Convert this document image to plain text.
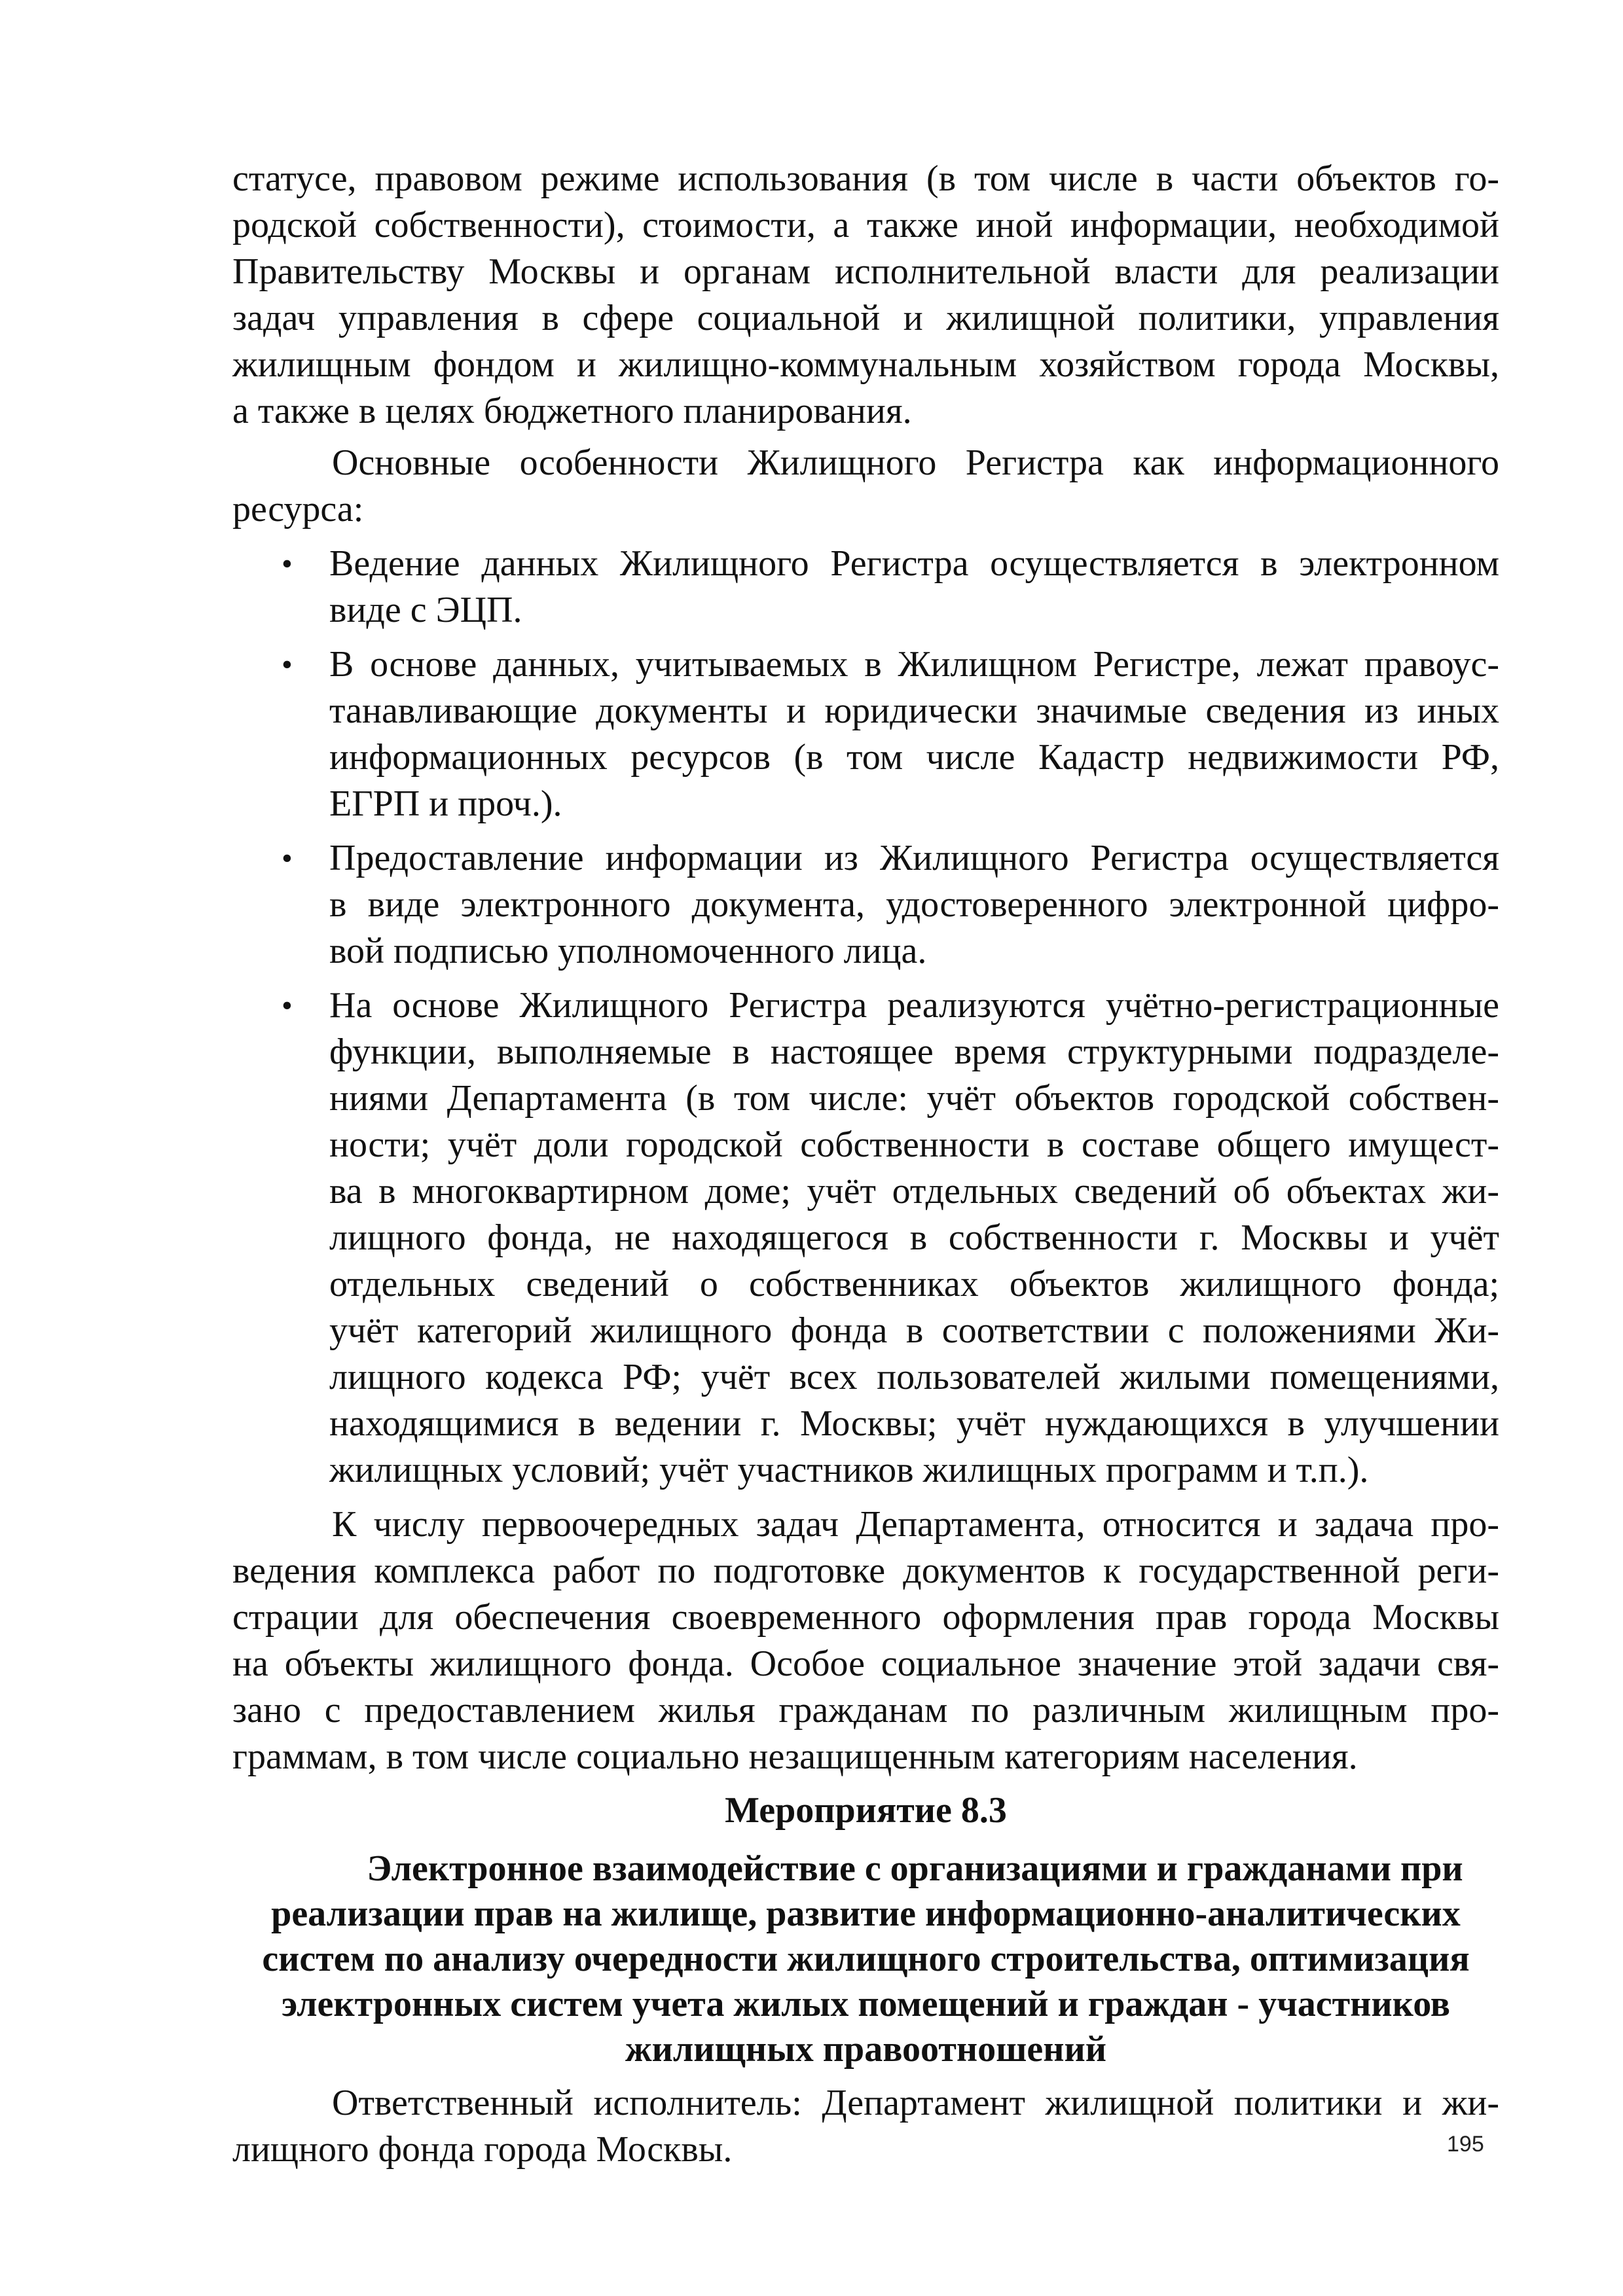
статусе, правовом режиме использования (в том числе в части объектов го-
родской собственности), стоимости, а также иной информации, необходимой
Правительству Москвы и органам исполнительной власти для реализации
задач управления в сфере социальной и жилищной политики, управления
жилищным фондом и жилищно-коммунальным хозяйством города Москвы,
а также в целях бюджетного планирования.
Основные особенности Жилищного Регистра как информационного
ресурса:
• Ведение данных Жилищного Регистра осуществляется в электронном
виде с ЭЦП.
• В основе данных, учитываемых в Жилищном Регистре, лежат правоус-
танавливающие документы и юридически значимые сведения из иных
информационных ресурсов (в том числе Кадастр недвижимости РФ,
ЕГРП и проч.).
• Предоставление информации из Жилищного Регистра осуществляется
в виде электронного документа, удостоверенного электронной цифро-
вой подписью уполномоченного лица.
• На основе Жилищного Регистра реализуются учётно-регистрационные
функции, выполняемые в настоящее время структурными подразделе-
ниями Департамента (в том числе: учёт объектов городской собствен-
ности; учёт доли городской собственности в составе общего имущест-
ва в многоквартирном доме; учёт отдельных сведений об объектах жи-
лищного фонда, не находящегося в собственности г. Москвы и учёт
отдельных сведений о собственниках объектов жилищного фонда;
учёт категорий жилищного фонда в соответствии с положениями Жи-
лищного кодекса РФ; учёт всех пользователей жилыми помещениями,
находящимися в ведении г. Москвы; учёт нуждающихся в улучшении
жилищных условий; учёт участников жилищных программ и т.п.).
К числу первоочередных задач Департамента, относится и задача про-
ведения комплекса работ по подготовке документов к государственной реги-
страции для обеспечения своевременного оформления прав города Москвы
на объекты жилищного фонда. Особое социальное значение этой задачи свя-
зано с предоставлением жилья гражданам по различным жилищным про-
граммам, в том числе социально незащищенным категориям населения.
Мероприятие 8.3
Электронное взаимодействие с организациями и гражданами при
реализации прав на жилище, развитие информационно-аналитических
систем по анализу очередности жилищного строительства, оптимизация
электронных систем учета жилых помещений и граждан - участников
жилищных правоотношений
Ответственный исполнитель: Департамент жилищной политики и жи-
лищного фонда города Москвы.	195
